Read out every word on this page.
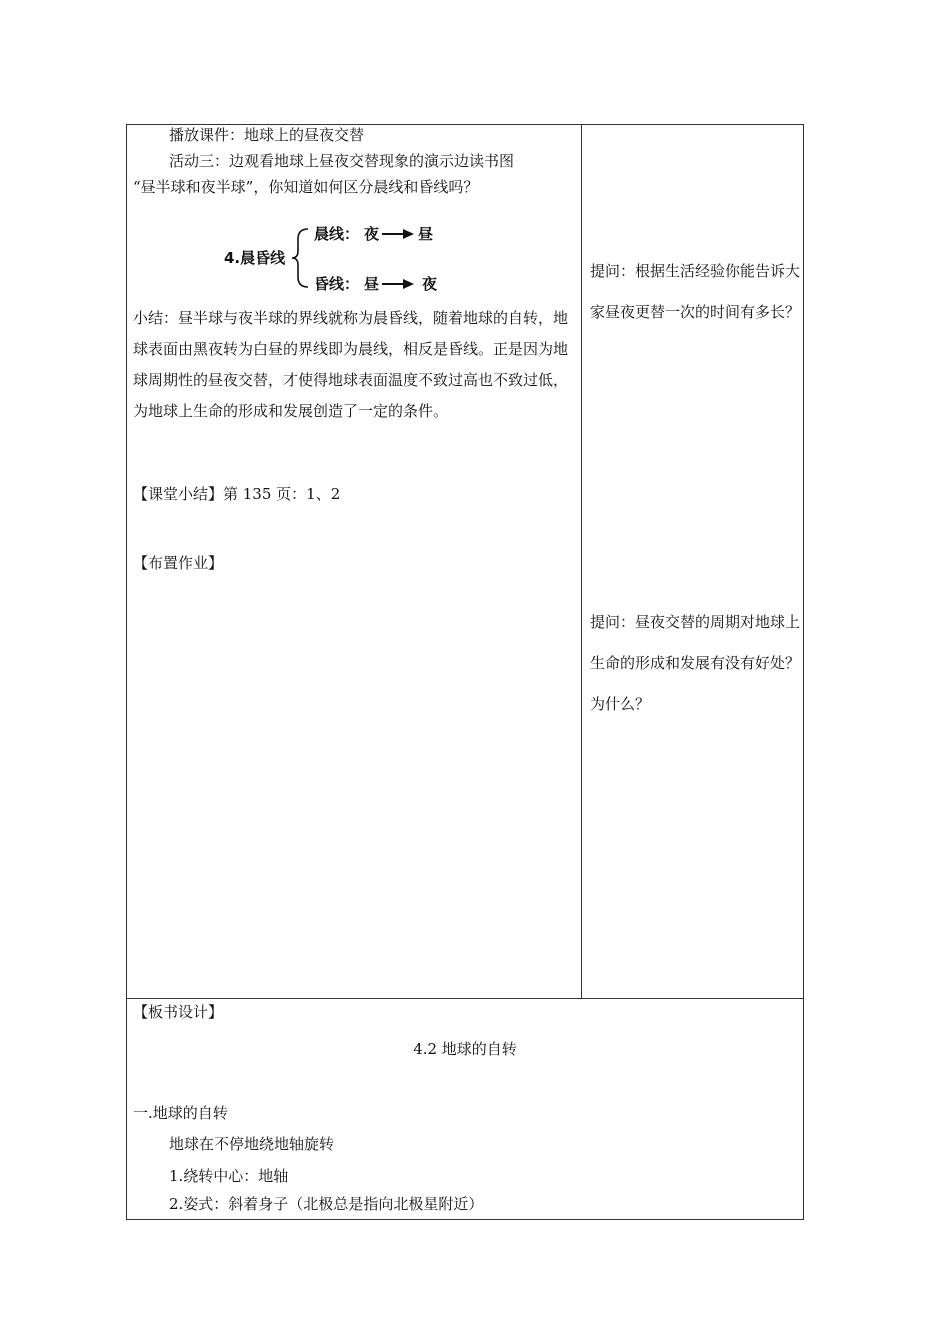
播放课件：地球上的昼夜交替
活动三：边观看地球上昼夜交替现象的演示边读书图
“昼半球和夜半球”，你知道如何区分晨线和昏线吗？
4.晨昏线
晨线： 夜	昼
昏线： 昼	夜
小结：昼半球与夜半球的界线就称为晨昏线，随着地球的自转，地球表面由黑夜转为白昼的界线即为晨线，相反是昏线。正是因为地球周期性的昼夜交替，才使得地球表面温度不致过高也不致过低，为地球上生命的形成和发展创造了一定的条件。
【课堂小结】第 135 页：1、2
【布置作业】
提问：根据生活经验你能告诉大家昼夜更替一次的时间有多长？
提问：昼夜交替的周期对地球上生命的形成和发展有没有好处？为什么？
【板书设计】
4.2 地球的自转
一.地球的自转
地球在不停地绕地轴旋转
1.绕转中心：地轴
2.姿式：斜着身子（北极总是指向北极星附近）
